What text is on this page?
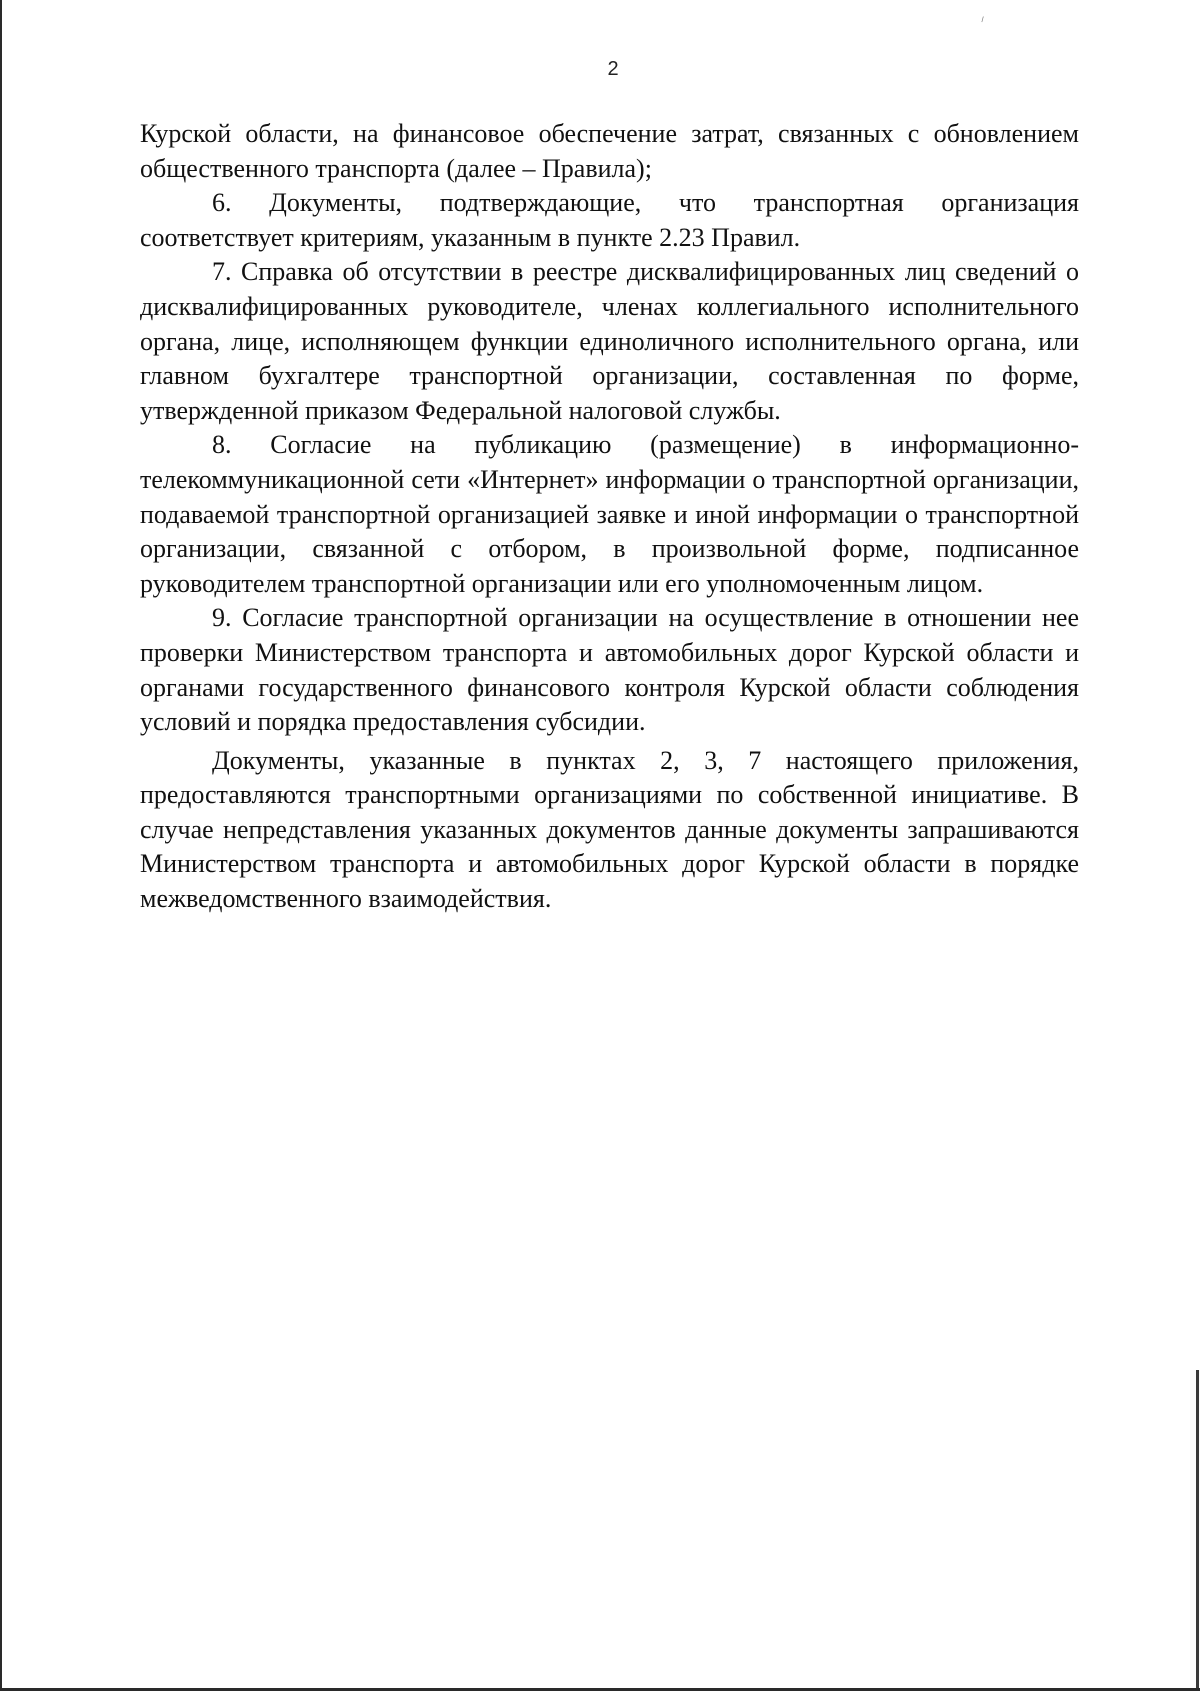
⸝
2

Курской области, на финансовое обеспечение затрат, связанных с обновлением общественного транспорта (далее – Правила);

6. Документы, подтверждающие, что транспортная организация соответствует критериям, указанным в пункте 2.23 Правил.

7. Справка об отсутствии в реестре дисквалифицированных лиц сведений о дисквалифицированных руководителе, членах коллегиального исполнительного органа, лице, исполняющем функции единоличного исполнительного органа, или главном бухгалтере транспортной организации, составленная по форме, утвержденной приказом Федеральной налоговой службы.

8. Согласие на публикацию (размещение) в информационно-телекоммуникационной сети «Интернет» информации о транспортной организации, подаваемой транспортной организацией заявке и иной информации о транспортной организации, связанной с отбором, в произвольной форме, подписанное руководителем транспортной организации или его уполномоченным лицом.

9. Согласие транспортной организации на осуществление в отношении нее проверки Министерством транспорта и автомобильных дорог Курской области и органами государственного финансового контроля Курской области соблюдения условий и порядка предоставления субсидии.

Документы, указанные в пунктах 2, 3, 7 настоящего приложения, предоставляются транспортными организациями по собственной инициативе. В случае непредставления указанных документов данные документы запрашиваются Министерством транспорта и автомобильных дорог Курской области в порядке межведомственного взаимодействия.
